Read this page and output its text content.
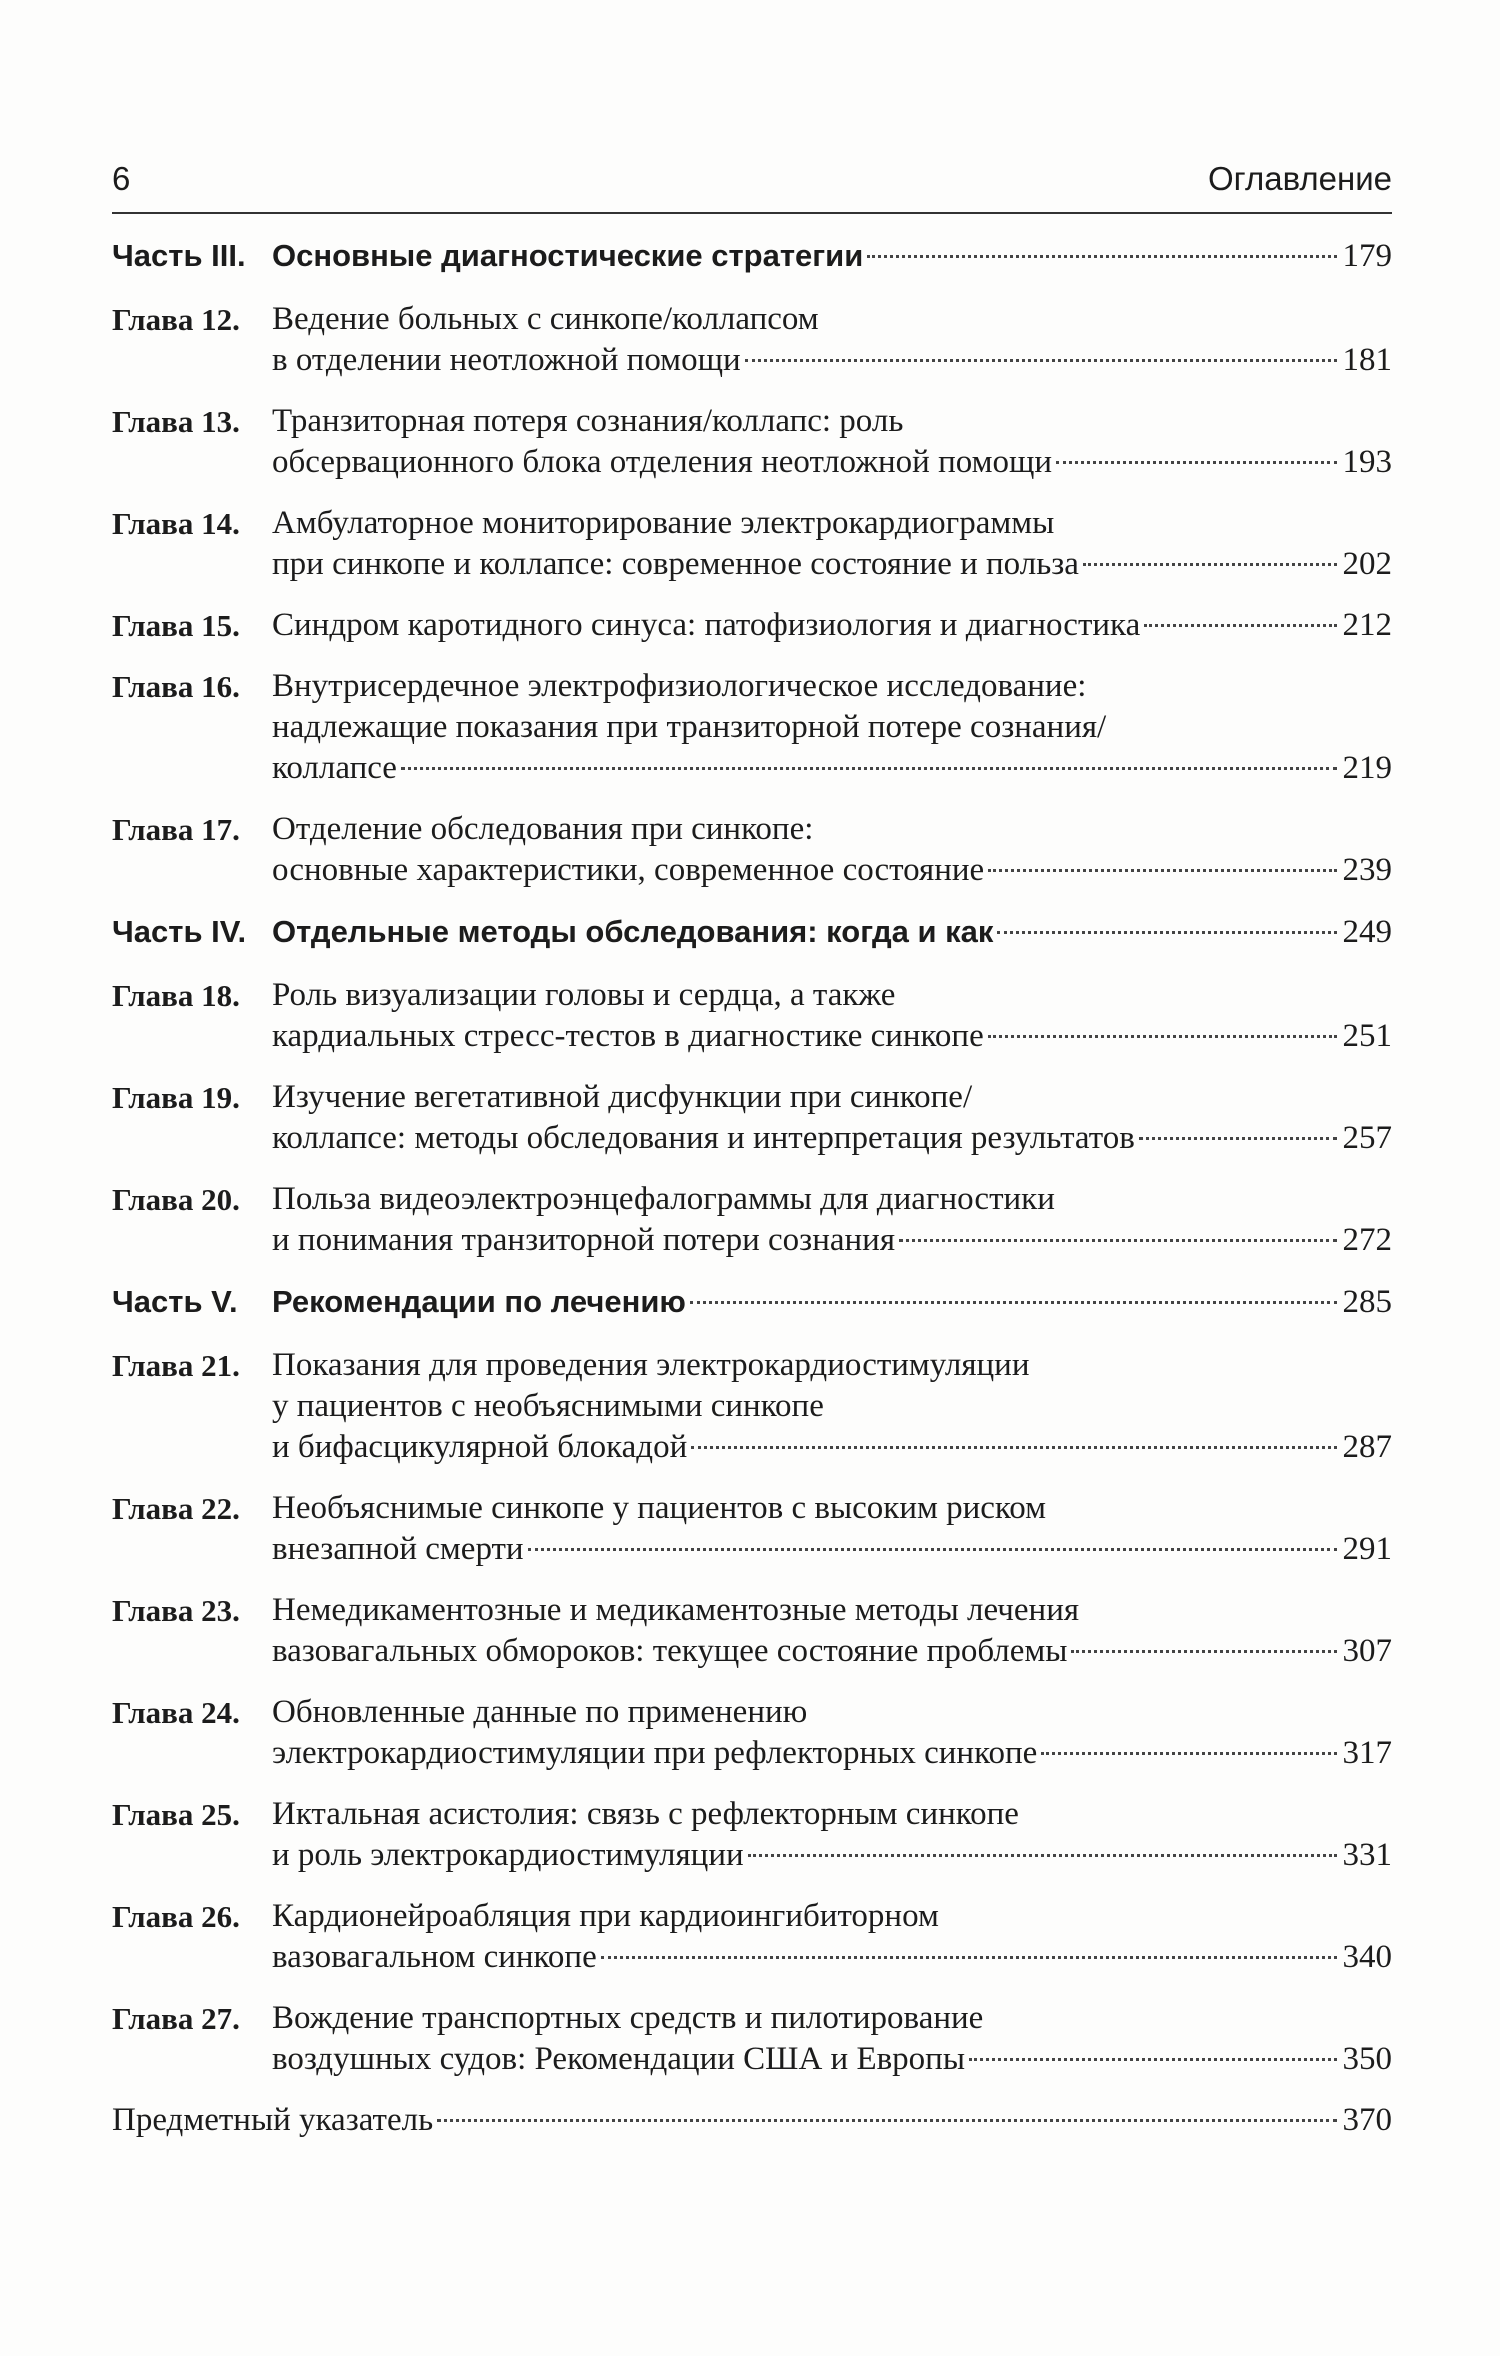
6	Оглавление
Часть III. Основные диагностические стратегии	179
Глава 12. Ведение больных с синкопе/коллапсом
в отделении неотложной помощи	181
Глава 13. Транзиторная потеря сознания/коллапс: роль
обсервационного блока отделения неотложной помощи	193
Глава 14. Амбулаторное мониторирование электрокардиограммы
при синкопе и коллапсе: современное состояние и польза	202
Глава 15. Синдром каротидного синуса: патофизиология и диагностика	212
Глава 16. Внутрисердечное электрофизиологическое исследование:
надлежащие показания при транзиторной потере сознания/
коллапсе	219
Глава 17. Отделение обследования при синкопе:
основные характеристики, современное состояние	239
Часть IV. Отдельные методы обследования: когда и как	249
Глава 18. Роль визуализации головы и сердца, а также
кардиальных стресс-тестов в диагностике синкопе	251
Глава 19. Изучение вегетативной дисфункции при синкопе/
коллапсе: методы обследования и интерпретация результатов	257
Глава 20. Польза видеоэлектроэнцефалограммы для диагностики
и понимания транзиторной потери сознания	272
Часть V.	Рекомендации по лечению	285
Глава 21. Показания для проведения электрокардиостимуляции
у пациентов с необъяснимыми синкопе
и бифасцикулярной блокадой	287
Глава 22. Необъяснимые синкопе у пациентов с высоким риском
внезапной смерти	291
Глава 23. Немедикаментозные и медикаментозные методы лечения
вазовагальных обмороков: текущее состояние проблемы	307
Глава 24. Обновленные данные по применению
электрокардиостимуляции при рефлекторных синкопе	317
Глава 25. Иктальная асистолия: связь с рефлекторным синкопе
и роль электрокардиостимуляции	331
Глава 26. Кардионейроабляция при кардиоингибиторном
вазовагальном синкопе	340
Глава 27. Вождение транспортных средств и пилотирование
воздушных судов: Рекомендации США и Европы	350
Предметный указатель	370
